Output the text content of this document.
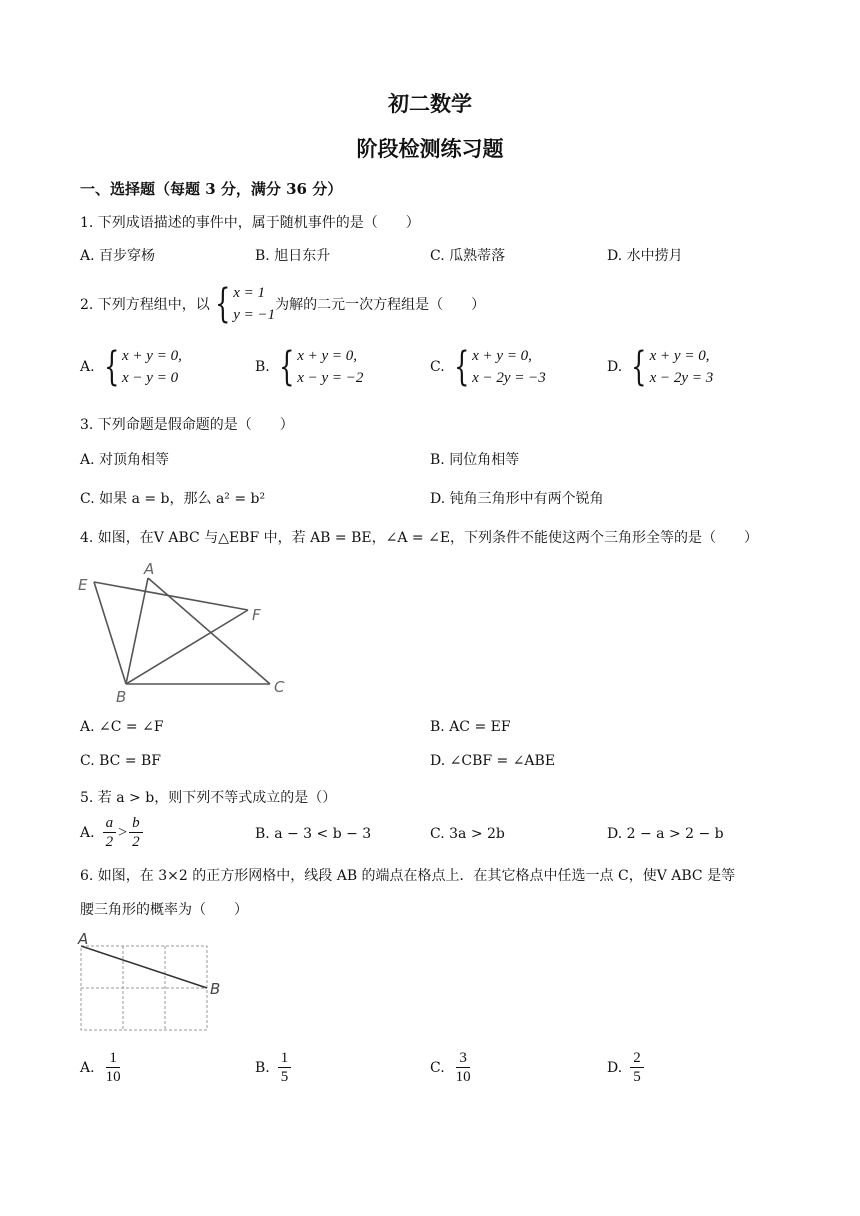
初二数学
阶段检测练习题
一、选择题（每题 3 分，满分 36 分）
1. 下列成语描述的事件中，属于随机事件的是（　　）
A. 百步穿杨	B. 旭日东升	C. 瓜熟蒂落	D. 水中捞月
2. 下列方程组中，以 { x = 1
y = −1
为解的二元一次方程组是（　　）
A. { x + y = 0,
x − y = 0
B. { x + y = 0,
x − y = −2
C. { x + y = 0,
x − 2y = −3
D. { x + y = 0,
x − 2y = 3
3. 下列命题是假命题的是（　　）
A. 对顶角相等	B. 同位角相等
C. 如果 a = b，那么 a² = b²	D. 钝角三角形中有两个锐角
4. 如图，在V ABC 与△EBF 中，若 AB = BE，∠A = ∠E，下列条件不能使这两个三角形全等的是（　　）
E
A
F
B
C
A. ∠C = ∠F	B. AC = EF
C. BC = BF	D. ∠CBF = ∠ABE
5. 若 a > b，则下列不等式成立的是（）
A. $\frac{a}{2} > \frac{b}{2}$	B. a − 3 < b − 3	C. 3a > 2b	D. 2 − a > 2 − b
6. 如图，在 3×2 的正方形网格中，线段 AB 的端点在格点上．在其它格点中任选一点 C，使V ABC 是等
腰三角形的概率为（　　）
A
B
A. $\frac{1}{10}$	B. $\frac{1}{5}$	C. $\frac{3}{10}$	D. $\frac{2}{5}$
